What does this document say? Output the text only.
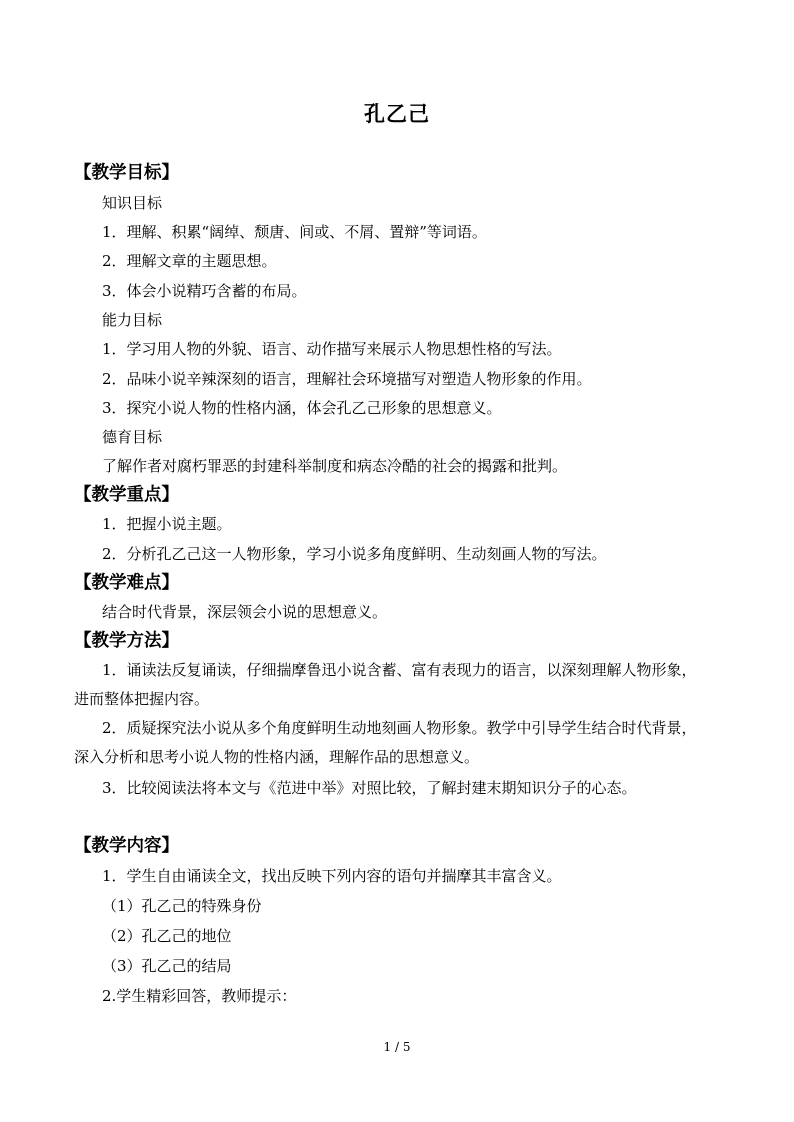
孔乙己
【教学目标】
知识目标
1．理解、积累“阔绰、颓唐、间或、不屑、置辩”等词语。
2．理解文章的主题思想。
3．体会小说精巧含蓄的布局。
能力目标
1．学习用人物的外貌、语言、动作描写来展示人物思想性格的写法。
2．品味小说辛辣深刻的语言，理解社会环境描写对塑造人物形象的作用。
3．探究小说人物的性格内涵，体会孔乙己形象的思想意义。
德育目标
了解作者对腐朽罪恶的封建科举制度和病态冷酷的社会的揭露和批判。
【教学重点】
1．把握小说主题。
2．分析孔乙己这一人物形象，学习小说多角度鲜明、生动刻画人物的写法。
【教学难点】
结合时代背景，深层领会小说的思想意义。
【教学方法】
1．诵读法反复诵读，仔细揣摩鲁迅小说含蓄、富有表现力的语言，以深刻理解人物形象，
进而整体把握内容。
2．质疑探究法小说从多个角度鲜明生动地刻画人物形象。教学中引导学生结合时代背景，
深入分析和思考小说人物的性格内涵，理解作品的思想意义。
3．比较阅读法将本文与《范进中举》对照比较，了解封建末期知识分子的心态。
【教学内容】
1．学生自由诵读全文，找出反映下列内容的语句并揣摩其丰富含义。
（1）孔乙己的特殊身份
（2）孔乙己的地位
（3）孔乙己的结局
2.学生精彩回答，教师提示：
1 / 5
